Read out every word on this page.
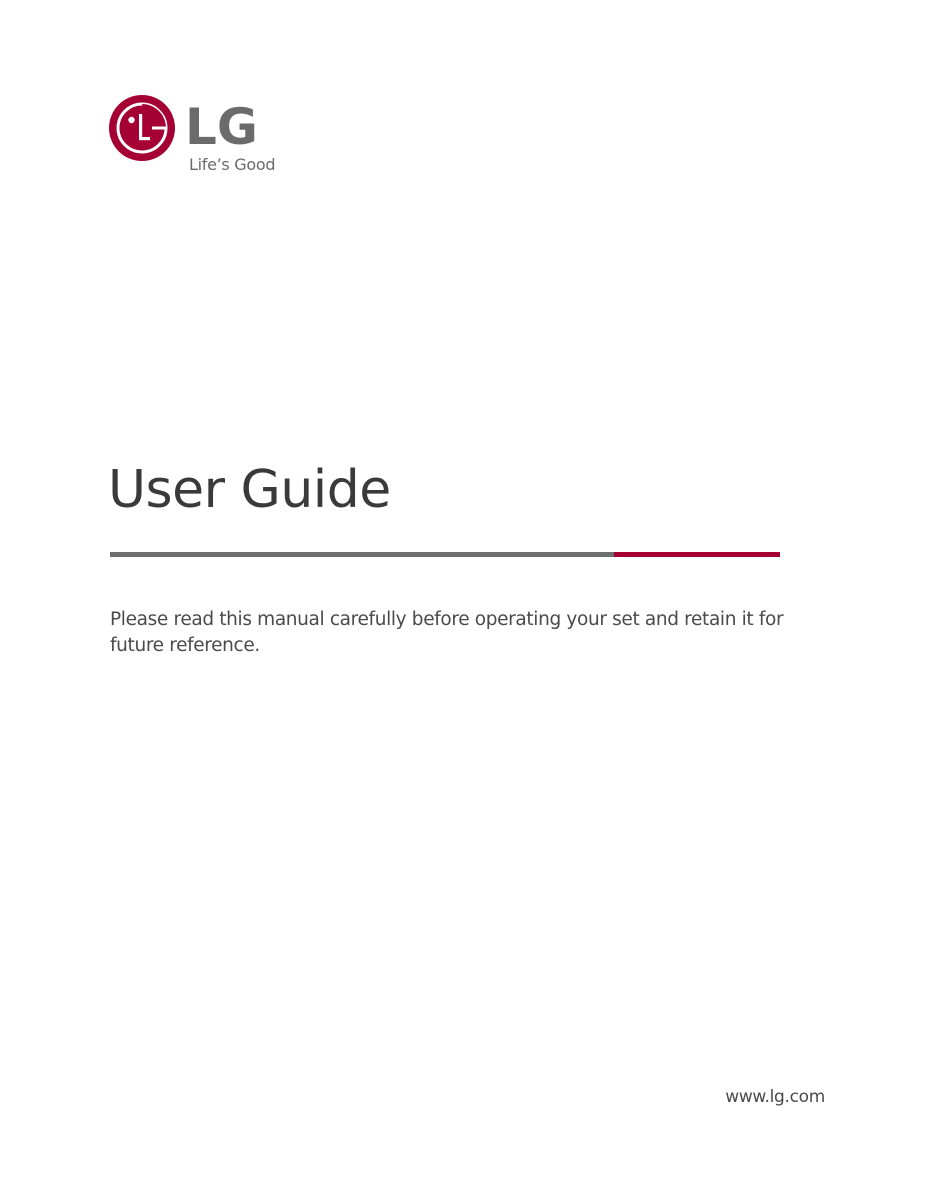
LG
Life’s Good
User Guide

Please read this manual carefully before operating your set and retain it for future reference.

www.lg.com
